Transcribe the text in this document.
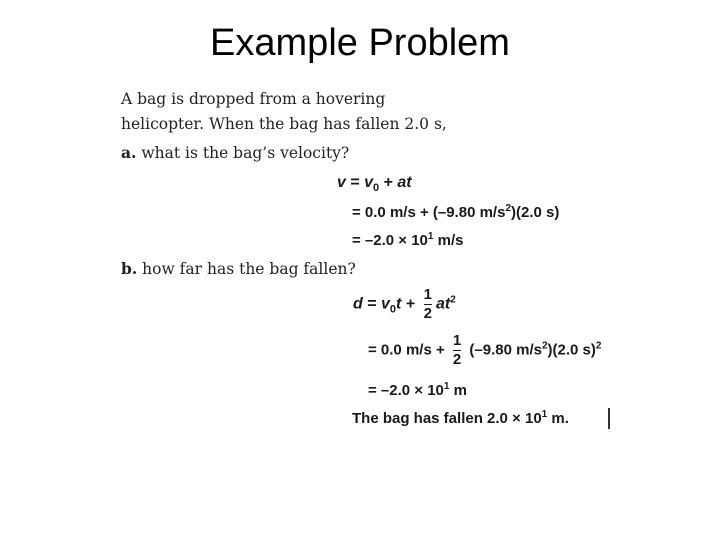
Example Problem
A bag is dropped from a hovering
helicopter. When the bag has fallen 2.0 s,
a. what is the bag’s velocity?
$v = v_0$ + at
= 0.0 m/s + (–9.80 $m/s^2)(2.0$ s)
= $-2.0 \times 10^1$ m/s
b. how far has the bag fallen?
$d = v_0t + \frac{1}{2} at^2$
= 0.0 $m/s + \frac{1}{2} (-9.80$ $m/s^2)(2.0$ s)$^2$
= $-2.0 \times 10^1$ m
The bag has fallen $2.0 \times 10^1$ m.
